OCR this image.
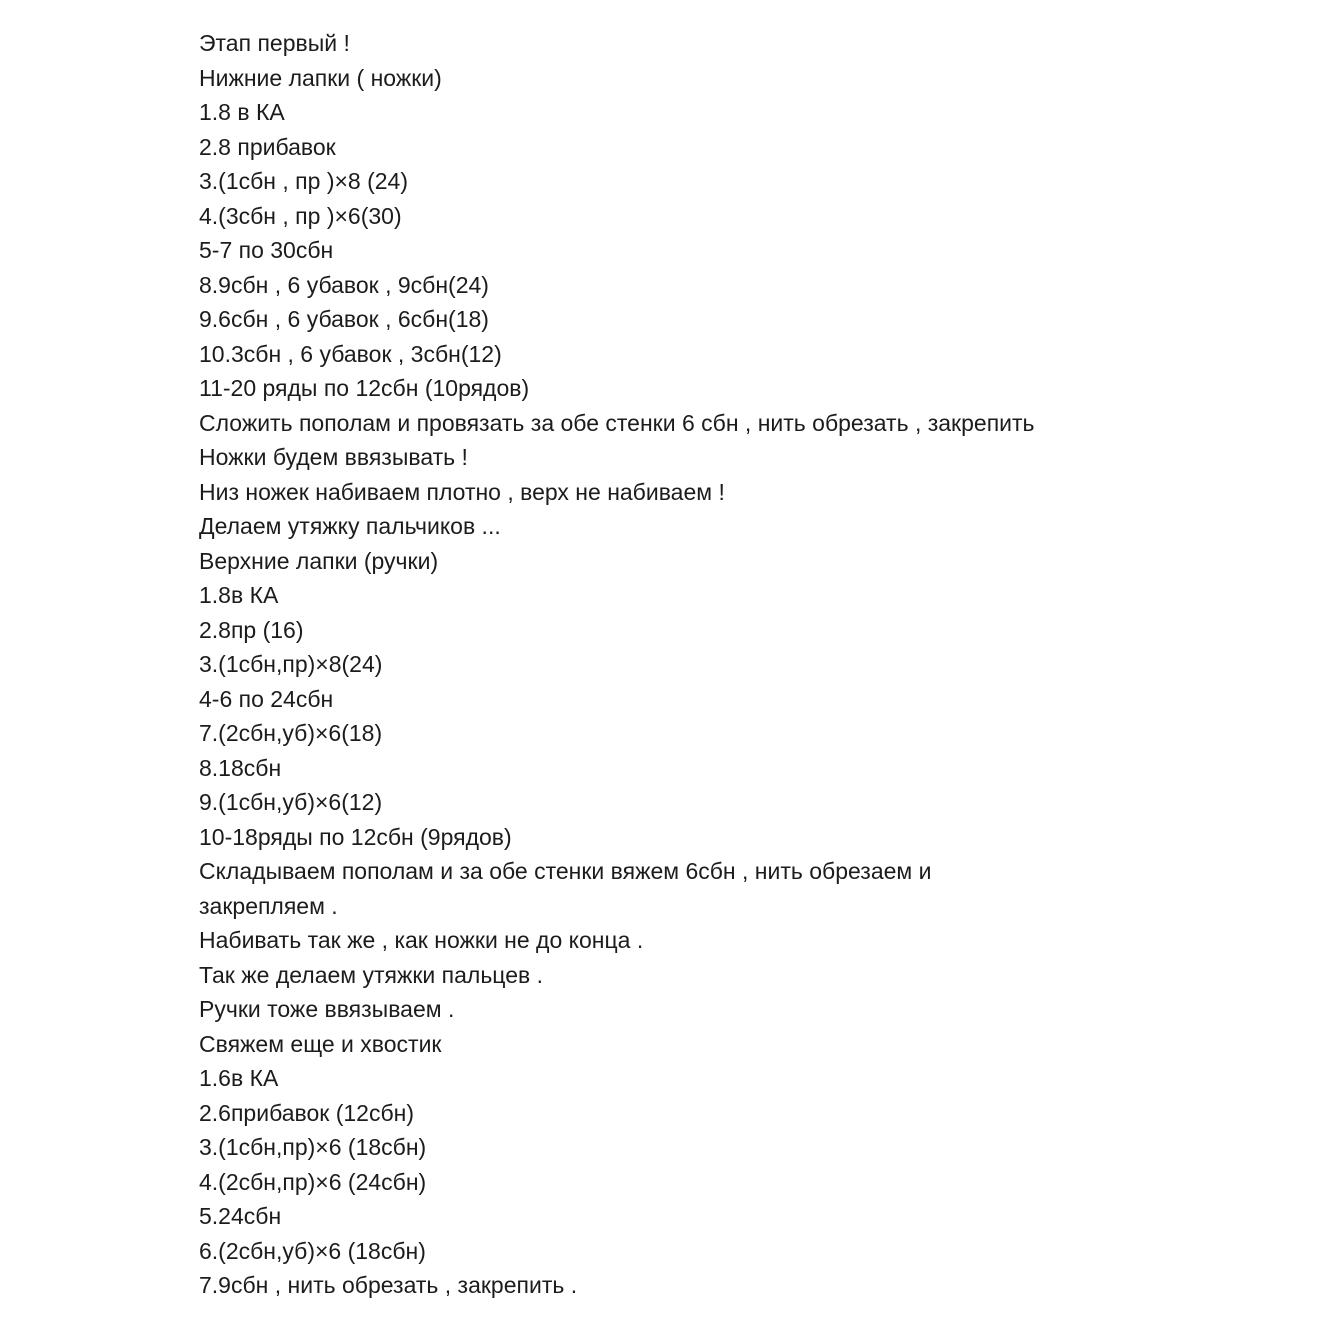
Этап первый !

Нижние лапки ( ножки)

1.8 в КА

2.8 прибавок

3.(1сбн , пр )×8 (24)

4.(3сбн , пр )×6(30)

5-7 по 30сбн

8.9сбн , 6 убавок , 9сбн(24)

9.6сбн , 6 убавок , 6сбн(18)

10.3сбн , 6 убавок , 3сбн(12)

11-20 ряды по 12сбн (10рядов)

Сложить пополам и провязать за обе стенки 6 сбн , нить обрезать , закрепить

Ножки будем ввязывать !

Низ ножек набиваем плотно , верх не набиваем !

Делаем утяжку пальчиков ...

Верхние лапки (ручки)

1.8в КА

2.8пр (16)

3.(1сбн,пр)×8(24)

4-6 по 24сбн

7.(2сбн,уб)×6(18)

8.18сбн

9.(1сбн,уб)×6(12)

10-18ряды по 12сбн (9рядов)

Складываем пополам и за обе стенки вяжем 6сбн , нить обрезаем и

закрепляем .

Набивать так же , как ножки не до конца .

Так же делаем утяжки пальцев .

Ручки тоже ввязываем .

Свяжем еще и хвостик

1.6в КА

2.6прибавок (12сбн)

3.(1сбн,пр)×6 (18сбн)

4.(2сбн,пр)×6 (24сбн)

5.24сбн

6.(2сбн,уб)×6 (18сбн)

7.9сбн , нить обрезать , закрепить .
